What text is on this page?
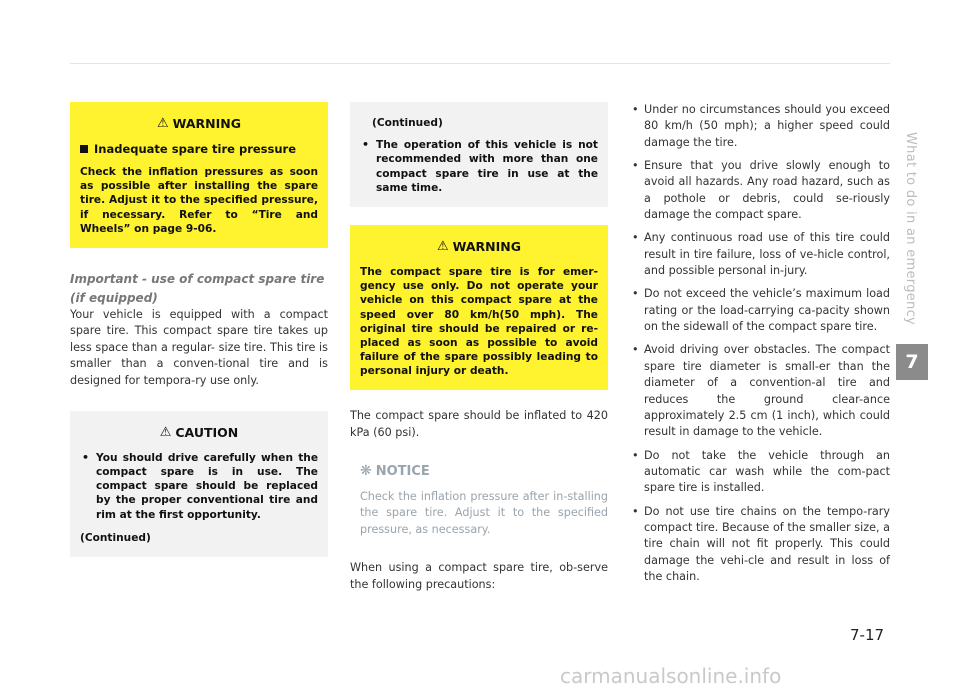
⚠ WARNING
Inadequate spare tire pressure
Check the inflation pressures as soon as possible after installing the spare tire. Adjust it to the specified pressure, if necessary. Refer to “Tire and Wheels” on page 9-06.
Important - use of compact spare tire (if equipped)
Your vehicle is equipped with a compact spare tire. This compact spare tire takes up less space than a regular- size tire. This tire is smaller than a conven-tional tire and is designed for tempora-ry use only.
⚠ CAUTION
• You should drive carefully when the compact spare is in use. The compact spare should be replaced by the proper conventional tire and rim at the first opportunity.
(Continued)
(Continued)
• The operation of this vehicle is not recommended with more than one compact spare tire in use at the same time.
⚠ WARNING
The compact spare tire is for emer-gency use only. Do not operate your vehicle on this compact spare at the speed over 80 km/h(50 mph). The original tire should be repaired or re-placed as soon as possible to avoid failure of the spare possibly leading to personal injury or death.
The compact spare should be inflated to 420 kPa (60 psi).
❋ NOTICE
Check the inflation pressure after in-stalling the spare tire. Adjust it to the specified pressure, as necessary.
When using a compact spare tire, ob-serve the following precautions:
• Under no circumstances should you exceed 80 km/h (50 mph); a higher speed could damage the tire.
• Ensure that you drive slowly enough to avoid all hazards. Any road hazard, such as a pothole or debris, could se-riously damage the compact spare.
• Any continuous road use of this tire could result in tire failure, loss of ve-hicle control, and possible personal in-jury.
• Do not exceed the vehicle’s maximum load rating or the load-carrying ca-pacity shown on the sidewall of the compact spare tire.
• Avoid driving over obstacles. The compact spare tire diameter is small-er than the diameter of a convention-al tire and reduces the ground clear-ance approximately 2.5 cm (1 inch), which could result in damage to the vehicle.
• Do not take the vehicle through an automatic car wash while the com-pact spare tire is installed.
• Do not use tire chains on the tempo-rary compact tire. Because of the smaller size, a tire chain will not fit properly. This could damage the vehi-cle and result in loss of the chain.
What to do in an emergency
7
7-17
carmanualsonline.info
